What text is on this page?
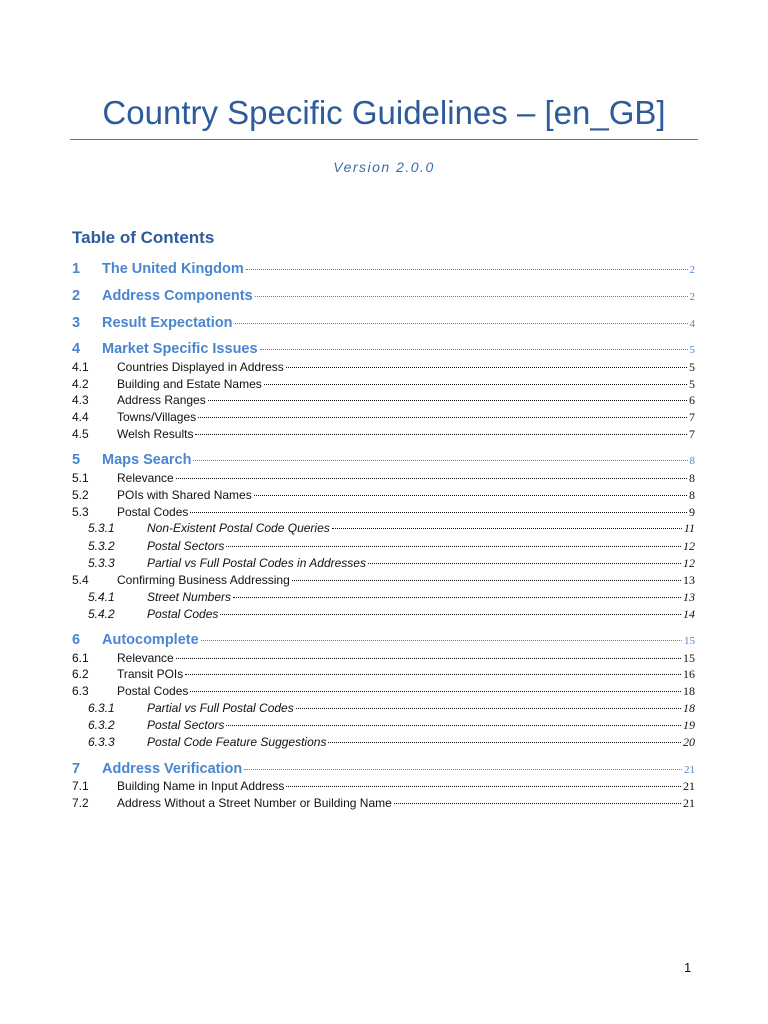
Country Specific Guidelines – [en_GB]
Version 2.0.0
Table of Contents
1	The United Kingdom	2
2	Address Components	2
3	Result Expectation	4
4	Market Specific Issues	5
4.1	Countries Displayed in Address	5
4.2	Building and Estate Names	5
4.3	Address Ranges	6
4.4	Towns/Villages	7
4.5	Welsh Results	7
5	Maps Search	8
5.1	Relevance	8
5.2	POIs with Shared Names	8
5.3	Postal Codes	9
5.3.1	Non-Existent Postal Code Queries	11
5.3.2	Postal Sectors	12
5.3.3	Partial vs Full Postal Codes in Addresses	12
5.4	Confirming Business Addressing	13
5.4.1	Street Numbers	13
5.4.2	Postal Codes	14
6	Autocomplete	15
6.1	Relevance	15
6.2	Transit POIs	16
6.3	Postal Codes	18
6.3.1	Partial vs Full Postal Codes	18
6.3.2	Postal Sectors	19
6.3.3	Postal Code Feature Suggestions	20
7	Address Verification	21
7.1	Building Name in Input Address	21
7.2	Address Without a Street Number or Building Name	21
1
